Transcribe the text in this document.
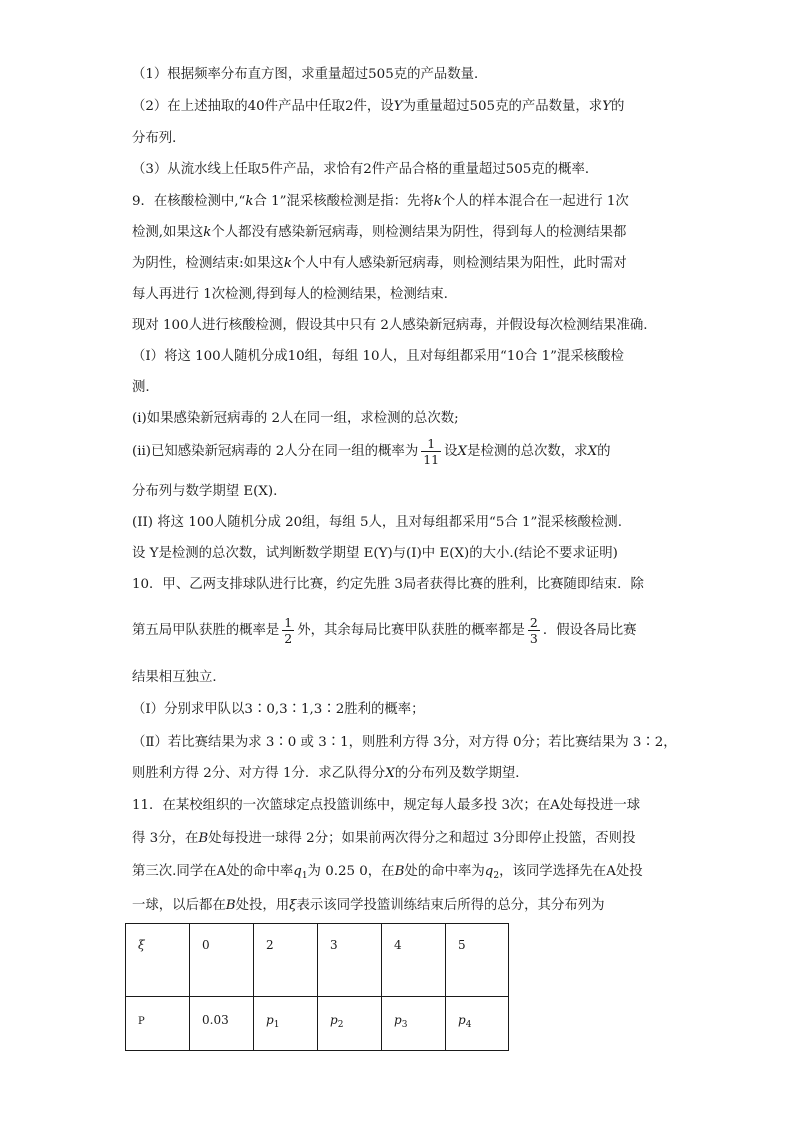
（1）根据频率分布直方图，求重量超过505克的产品数量．
（2）在上述抽取的40件产品中任取2件，设Y为重量超过505克的产品数量，求Y的
分布列．
（3）从流水线上任取5件产品，求恰有2件产品合格的重量超过505克的概率．
9．在核酸检测中,“k合 1”混采核酸检测是指：先将k个人的样本混合在一起进行 1次
检测,如果这k个人都没有感染新冠病毒，则检测结果为阴性，得到每人的检测结果都
为阴性，检测结束:如果这k个人中有人感染新冠病毒，则检测结果为阳性，此时需对
每人再进行 1次检测,得到每人的检测结果，检测结束.
现对 100人进行核酸检测，假设其中只有 2人感染新冠病毒，并假设每次检测结果准确.
（I）将这 100人随机分成10组，每组 10人，且对每组都采用“10合 1”混采核酸检
测.
(ⅰ)如果感染新冠病毒的 2人在同一组，求检测的总次数;
(ⅱ)已知感染新冠病毒的 2人分在同一组的概率为 $\frac{1}{11}$ 设X是检测的总次数，求X的
分布列与数学期望 E(X).
(II) 将这 100人随机分成 20组，每组 5人，且对每组都采用“5合 1”混采核酸检测.
设 Y是检测的总次数，试判断数学期望 E(Y)与(I)中 E(X)的大小.(结论不要求证明)
10．甲、乙两支排球队进行比赛，约定先胜 3局者获得比赛的胜利，比赛随即结束．除
第五局甲队获胜的概率是 $\frac{1}{2}$ 外，其余每局比赛甲队获胜的概率都是 $\frac{2}{3}$ ．假设各局比赛
结果相互独立．
（Ⅰ）分别求甲队以3∶0,3∶1,3∶2胜利的概率；
（Ⅱ）若比赛结果为求 3∶0 或 3∶1，则胜利方得 3分，对方得 0分；若比赛结果为 3∶2，
则胜利方得 2分、对方得 1分．求乙队得分X的分布列及数学期望．
11．在某校组织的一次篮球定点投篮训练中，规定每人最多投 3次；在A处每投进一球
得 3分，在B处每投进一球得 2分；如果前两次得分之和超过 3分即停止投篮，否则投
第三次.同学在A处的命中率$q_1$为 0.25 0，在B处的命中率为$q_2$，该同学选择先在A处投
一球，以后都在B处投，用ξ表示该同学投篮训练结束后所得的总分，其分布列为
ξ	0	2	3	4	5
P	0.03	$p_1$	$p_2$	$p_3$	$p_4$
